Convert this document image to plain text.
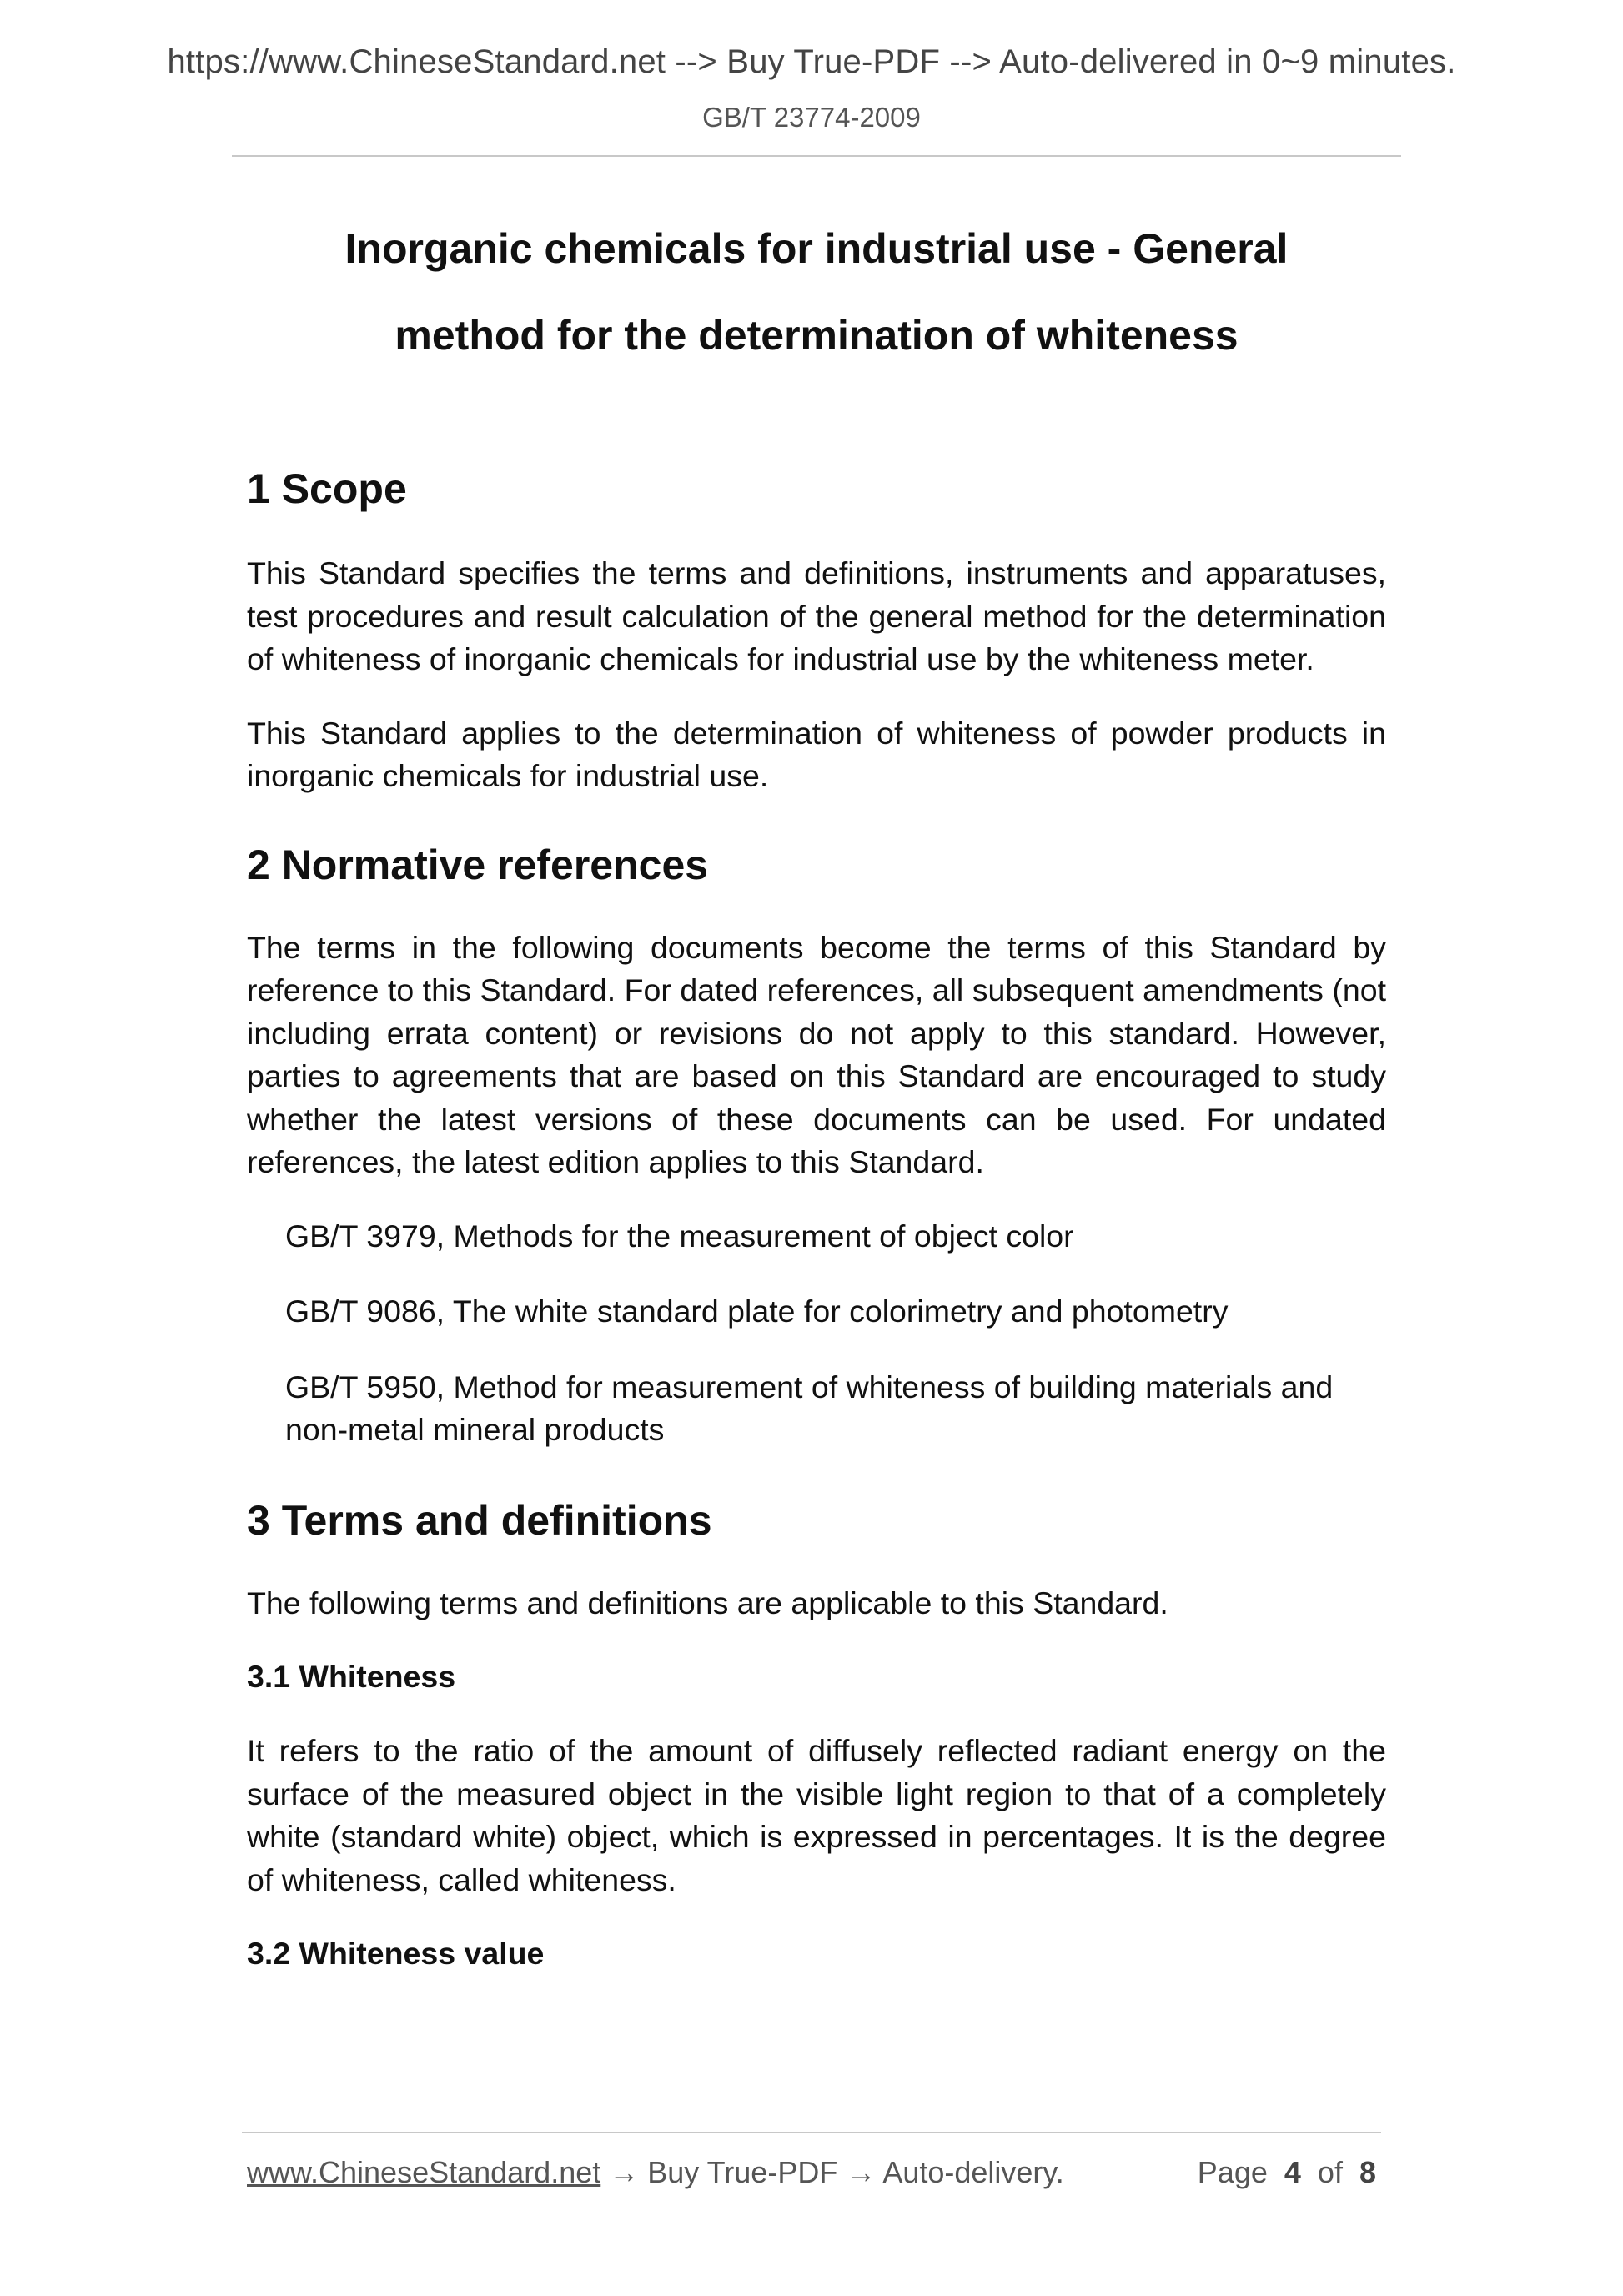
https://www.ChineseStandard.net --> Buy True-PDF --> Auto-delivered in 0~9 minutes.
GB/T 23774-2009
Inorganic chemicals for industrial use - General
method for the determination of whiteness
1 Scope

This Standard specifies the terms and definitions, instruments and apparatuses, test procedures and result calculation of the general method for the determination of whiteness of inorganic chemicals for industrial use by the whiteness meter.

This Standard applies to the determination of whiteness of powder products in inorganic chemicals for industrial use.

2 Normative references

The terms in the following documents become the terms of this Standard by reference to this Standard. For dated references, all subsequent amendments (not including errata content) or revisions do not apply to this standard. However, parties to agreements that are based on this Standard are encouraged to study whether the latest versions of these documents can be used. For undated references, the latest edition applies to this Standard.

GB/T 3979, Methods for the measurement of object color

GB/T 9086, The white standard plate for colorimetry and photometry

GB/T 5950, Method for measurement of whiteness of building materials and non-metal mineral products

3 Terms and definitions

The following terms and definitions are applicable to this Standard.

3.1 Whiteness

It refers to the ratio of the amount of diffusely reflected radiant energy on the surface of the measured object in the visible light region to that of a completely white (standard white) object, which is expressed in percentages. It is the degree of whiteness, called whiteness.

3.2 Whiteness value
www.ChineseStandard.net → Buy True-PDF → Auto-delivery.	Page 4 of 8
